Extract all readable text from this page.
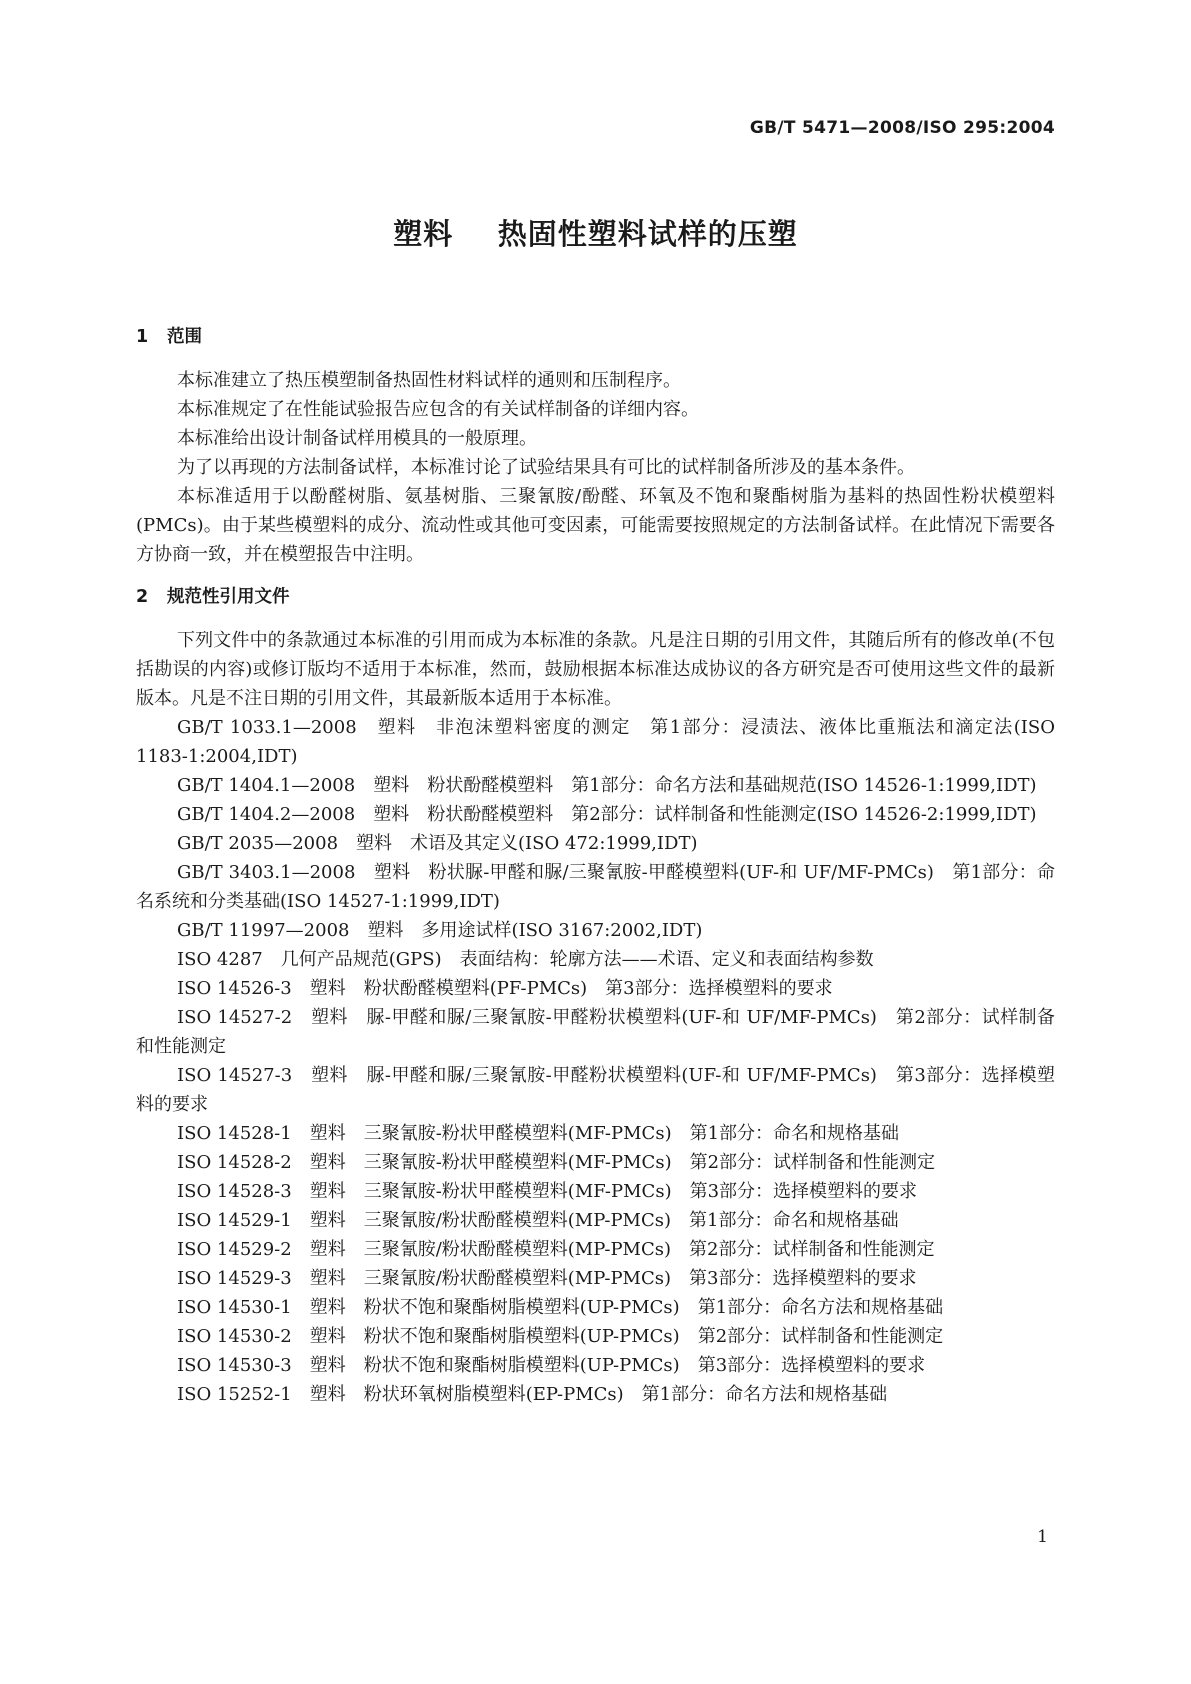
GB/T 5471—2008/ISO 295:2004
塑料 热固性塑料试样的压塑
1 范围

本标准建立了热压模塑制备热固性材料试样的通则和压制程序。

本标准规定了在性能试验报告应包含的有关试样制备的详细内容。

本标准给出设计制备试样用模具的一般原理。

为了以再现的方法制备试样，本标准讨论了试验结果具有可比的试样制备所涉及的基本条件。

本标准适用于以酚醛树脂、氨基树脂、三聚氰胺/酚醛、环氧及不饱和聚酯树脂为基料的热固性粉状模塑料(PMCs)。由于某些模塑料的成分、流动性或其他可变因素，可能需要按照规定的方法制备试样。在此情况下需要各方协商一致，并在模塑报告中注明。

2 规范性引用文件

下列文件中的条款通过本标准的引用而成为本标准的条款。凡是注日期的引用文件，其随后所有的修改单(不包括勘误的内容)或修订版均不适用于本标准，然而，鼓励根据本标准达成协议的各方研究是否可使用这些文件的最新版本。凡是不注日期的引用文件，其最新版本适用于本标准。

GB/T 1033.1—2008　塑料　非泡沫塑料密度的测定　第1部分：浸渍法、液体比重瓶法和滴定法(ISO 1183-1:2004,IDT)

GB/T 1404.1—2008　塑料　粉状酚醛模塑料　第1部分：命名方法和基础规范(ISO 14526-1:1999,IDT)

GB/T 1404.2—2008　塑料　粉状酚醛模塑料　第2部分：试样制备和性能测定(ISO 14526-2:1999,IDT)

GB/T 2035—2008　塑料　术语及其定义(ISO 472:1999,IDT)

GB/T 3403.1—2008　塑料　粉状脲-甲醛和脲/三聚氰胺-甲醛模塑料(UF-和 UF/MF-PMCs)　第1部分：命名系统和分类基础(ISO 14527-1:1999,IDT)

GB/T 11997—2008　塑料　多用途试样(ISO 3167:2002,IDT)

ISO 4287　几何产品规范(GPS)　表面结构：轮廓方法——术语、定义和表面结构参数

ISO 14526-3　塑料　粉状酚醛模塑料(PF-PMCs)　第3部分：选择模塑料的要求

ISO 14527-2　塑料　脲-甲醛和脲/三聚氰胺-甲醛粉状模塑料(UF-和 UF/MF-PMCs)　第2部分：试样制备和性能测定

ISO 14527-3　塑料　脲-甲醛和脲/三聚氰胺-甲醛粉状模塑料(UF-和 UF/MF-PMCs)　第3部分：选择模塑料的要求

ISO 14528-1　塑料　三聚氰胺-粉状甲醛模塑料(MF-PMCs)　第1部分：命名和规格基础

ISO 14528-2　塑料　三聚氰胺-粉状甲醛模塑料(MF-PMCs)　第2部分：试样制备和性能测定

ISO 14528-3　塑料　三聚氰胺-粉状甲醛模塑料(MF-PMCs)　第3部分：选择模塑料的要求

ISO 14529-1　塑料　三聚氰胺/粉状酚醛模塑料(MP-PMCs)　第1部分：命名和规格基础

ISO 14529-2　塑料　三聚氰胺/粉状酚醛模塑料(MP-PMCs)　第2部分：试样制备和性能测定

ISO 14529-3　塑料　三聚氰胺/粉状酚醛模塑料(MP-PMCs)　第3部分：选择模塑料的要求

ISO 14530-1　塑料　粉状不饱和聚酯树脂模塑料(UP-PMCs)　第1部分：命名方法和规格基础

ISO 14530-2　塑料　粉状不饱和聚酯树脂模塑料(UP-PMCs)　第2部分：试样制备和性能测定

ISO 14530-3　塑料　粉状不饱和聚酯树脂模塑料(UP-PMCs)　第3部分：选择模塑料的要求

ISO 15252-1　塑料　粉状环氧树脂模塑料(EP-PMCs)　第1部分：命名方法和规格基础

1
